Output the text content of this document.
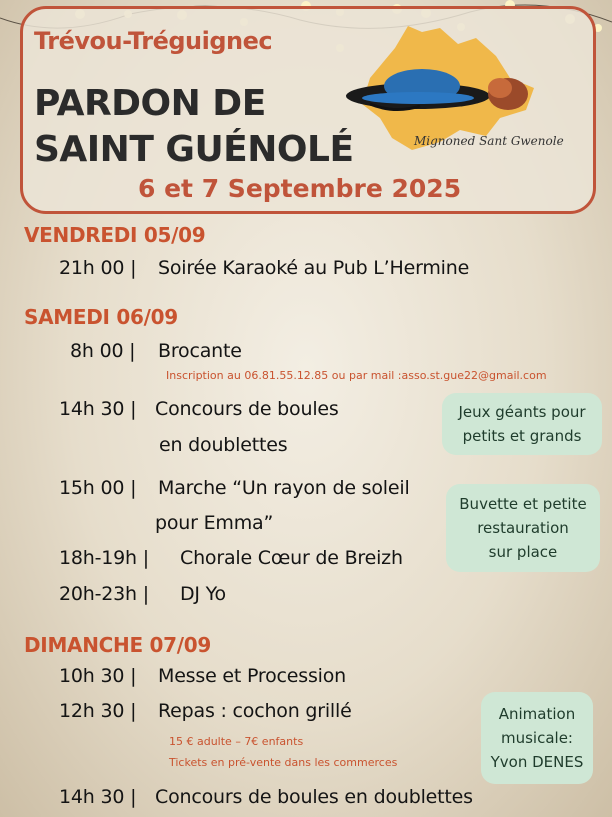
Trévou-Tréguignec
PARDON DE
SAINT GUÉNOLÉ
6 et 7 Septembre 2025
Mignoned Sant Gwenole
VENDREDI 05/09
21h 00 | Soirée Karaoké au Pub L’Hermine
SAMEDI 06/09
8h 00 | Brocante
Inscription au 06.81.55.12.85 ou par mail :asso.st.gue22@gmail.com
14h 30 | Concours de boules
en doublettes
15h 00 | Marche “Un rayon de soleil
pour Emma”
18h-19h | Chorale Cœur de Breizh
20h-23h | DJ Yo
DIMANCHE 07/09
10h 30 | Messe et Procession
12h 30 | Repas : cochon grillé
15 € adulte – 7€ enfants
Tickets en pré-vente dans les commerces
14h 30 | Concours de boules en doublettes
Jeux géants pour
petits et grands
Buvette et petite
restauration
sur place
Animation
musicale:
Yvon DENES
